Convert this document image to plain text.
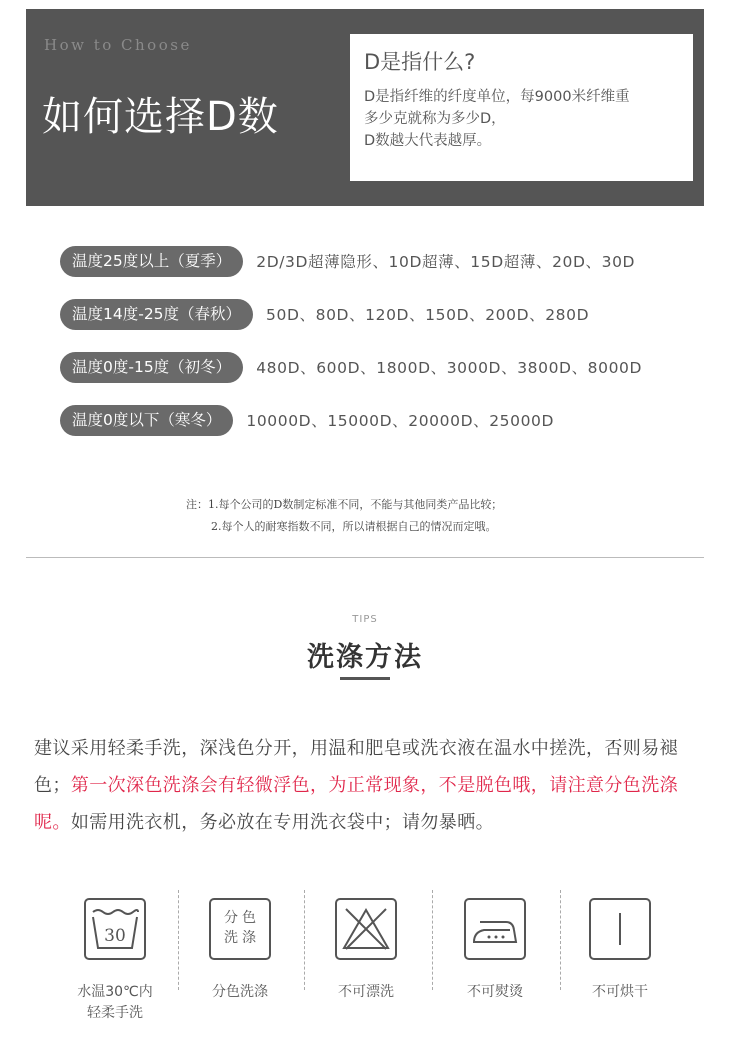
How to Choose
如何选择D数
D是指什么?
D是指纤维的纤度单位，每9000米纤维重
多少克就称为多少D，
D数越大代表越厚。
温度25度以上（夏季）	2D/3D超薄隐形、10D超薄、15D超薄、20D、30D
温度14度-25度（春秋）	50D、80D、120D、150D、200D、280D
温度0度-15度（初冬）	480D、600D、1800D、3000D、3800D、8000D
温度0度以下（寒冬）	10000D、15000D、20000D、25000D
注：1.每个公司的D数制定标准不同，不能与其他同类产品比较；
2.每个人的耐寒指数不同，所以请根据自己的情况而定哦。
TIPS
洗涤方法
建议采用轻柔手洗，深浅色分开，用温和肥皂或洗衣液在温水中搓洗，否则易褪色；第一次深色洗涤会有轻微浮色，为正常现象，不是脱色哦，请注意分色洗涤呢。如需用洗衣机，务必放在专用洗衣袋中；请勿暴晒。
30
水温30℃内
轻柔手洗
分色
洗涤
分色洗涤	不可漂洗	不可熨烫	不可烘干
